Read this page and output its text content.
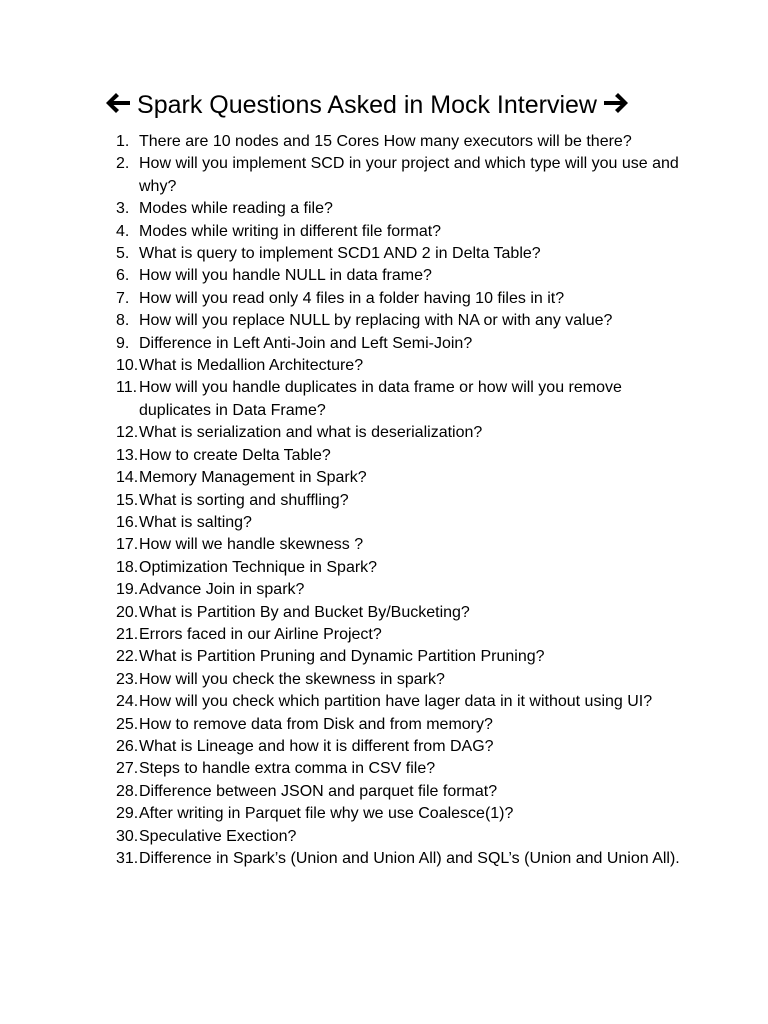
Spark Questions Asked in Mock Interview
1. There are 10 nodes and 15 Cores How many executors will be there?
2. How will you implement SCD in your project and which type will you use and why?
3. Modes while reading a file?
4. Modes while writing in different file format?
5. What is query to implement SCD1 AND 2 in Delta Table?
6. How will you handle NULL in data frame?
7. How will you read only 4 files in a folder having 10 files in it?
8. How will you replace NULL by replacing with NA or with any value?
9. Difference in Left Anti-Join and Left Semi-Join?
10. What is Medallion Architecture?
11. How will you handle duplicates in data frame or how will you remove duplicates in Data Frame?
12. What is serialization and what is deserialization?
13. How to create Delta Table?
14. Memory Management in Spark?
15. What is sorting and shuffling?
16. What is salting?
17. How will we handle skewness ?
18. Optimization Technique in Spark?
19. Advance Join in spark?
20. What is Partition By and Bucket By/Bucketing?
21. Errors faced in our Airline Project?
22. What is Partition Pruning and Dynamic Partition Pruning?
23. How will you check the skewness in spark?
24. How will you check which partition have lager data in it without using UI?
25. How to remove data from Disk and from memory?
26. What is Lineage and how it is different from DAG?
27. Steps to handle extra comma in CSV file?
28. Difference between JSON and parquet file format?
29. After writing in Parquet file why we use Coalesce(1)?
30. Speculative Exection?
31. Difference in Spark’s (Union and Union All) and SQL’s (Union and Union All).
